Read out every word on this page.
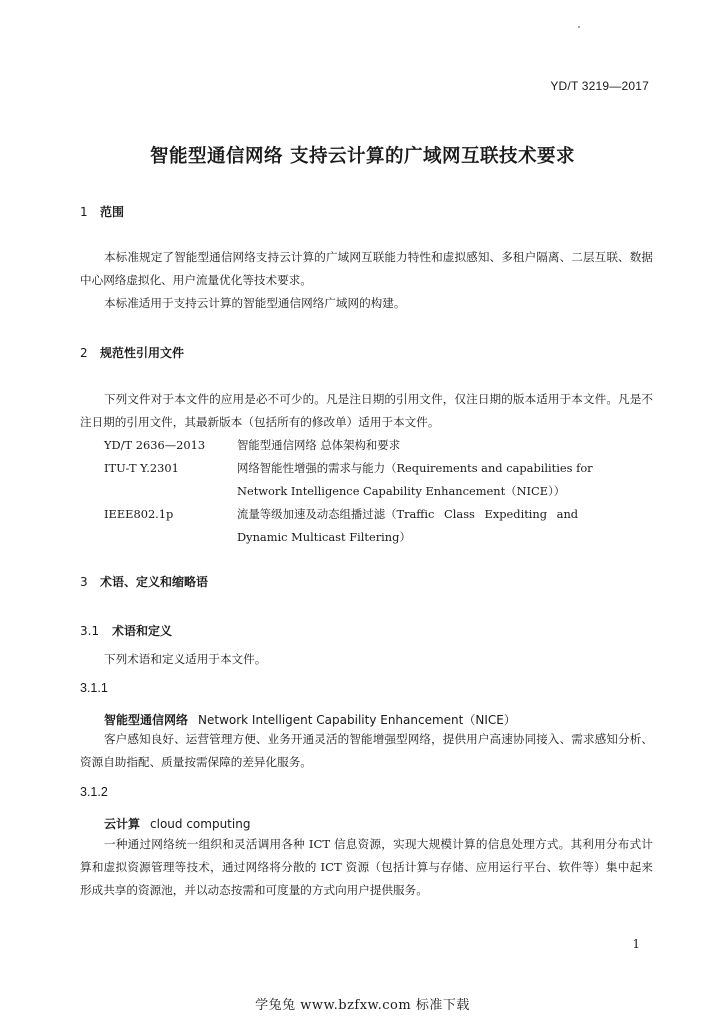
YD/T 3219—2017
智能型通信网络 支持云计算的广域网互联技术要求
1 范围

本标准规定了智能型通信网络支持云计算的广域网互联能力特性和虚拟感知、多租户隔离、二层互联、数据中心网络虚拟化、用户流量优化等技术要求。

本标准适用于支持云计算的智能型通信网络广域网的构建。

2 规范性引用文件

下列文件对于本文件的应用是必不可少的。凡是注日期的引用文件，仅注日期的版本适用于本文件。凡是不注日期的引用文件，其最新版本（包括所有的修改单）适用于本文件。

YD/T 2636—2013	智能型通信网络 总体架构和要求
ITU-T Y.2301	网络智能性增强的需求与能力（Requirements and capabilities for
	Network Intelligence Capability Enhancement（NICE））
IEEE802.1p	流量等级加速及动态组播过滤（Traffic Class Expediting and
	Dynamic Multicast Filtering）
3 术语、定义和缩略语
3.1 术语和定义

下列术语和定义适用于本文件。

3.1.1
智能型通信网络 Network Intelligent Capability Enhancement（NICE）

客户感知良好、运营管理方便、业务开通灵活的智能增强型网络，提供用户高速协同接入、需求感知分析、资源自助指配、质量按需保障的差异化服务。

3.1.2
云计算 cloud computing

一种通过网络统一组织和灵活调用各种 ICT 信息资源，实现大规模计算的信息处理方式。其利用分布式计算和虚拟资源管理等技术，通过网络将分散的 ICT 资源（包括计算与存储、应用运行平台、软件等）集中起来形成共享的资源池，并以动态按需和可度量的方式向用户提供服务。

1
学兔兔 www.bzfxw.com 标准下载
